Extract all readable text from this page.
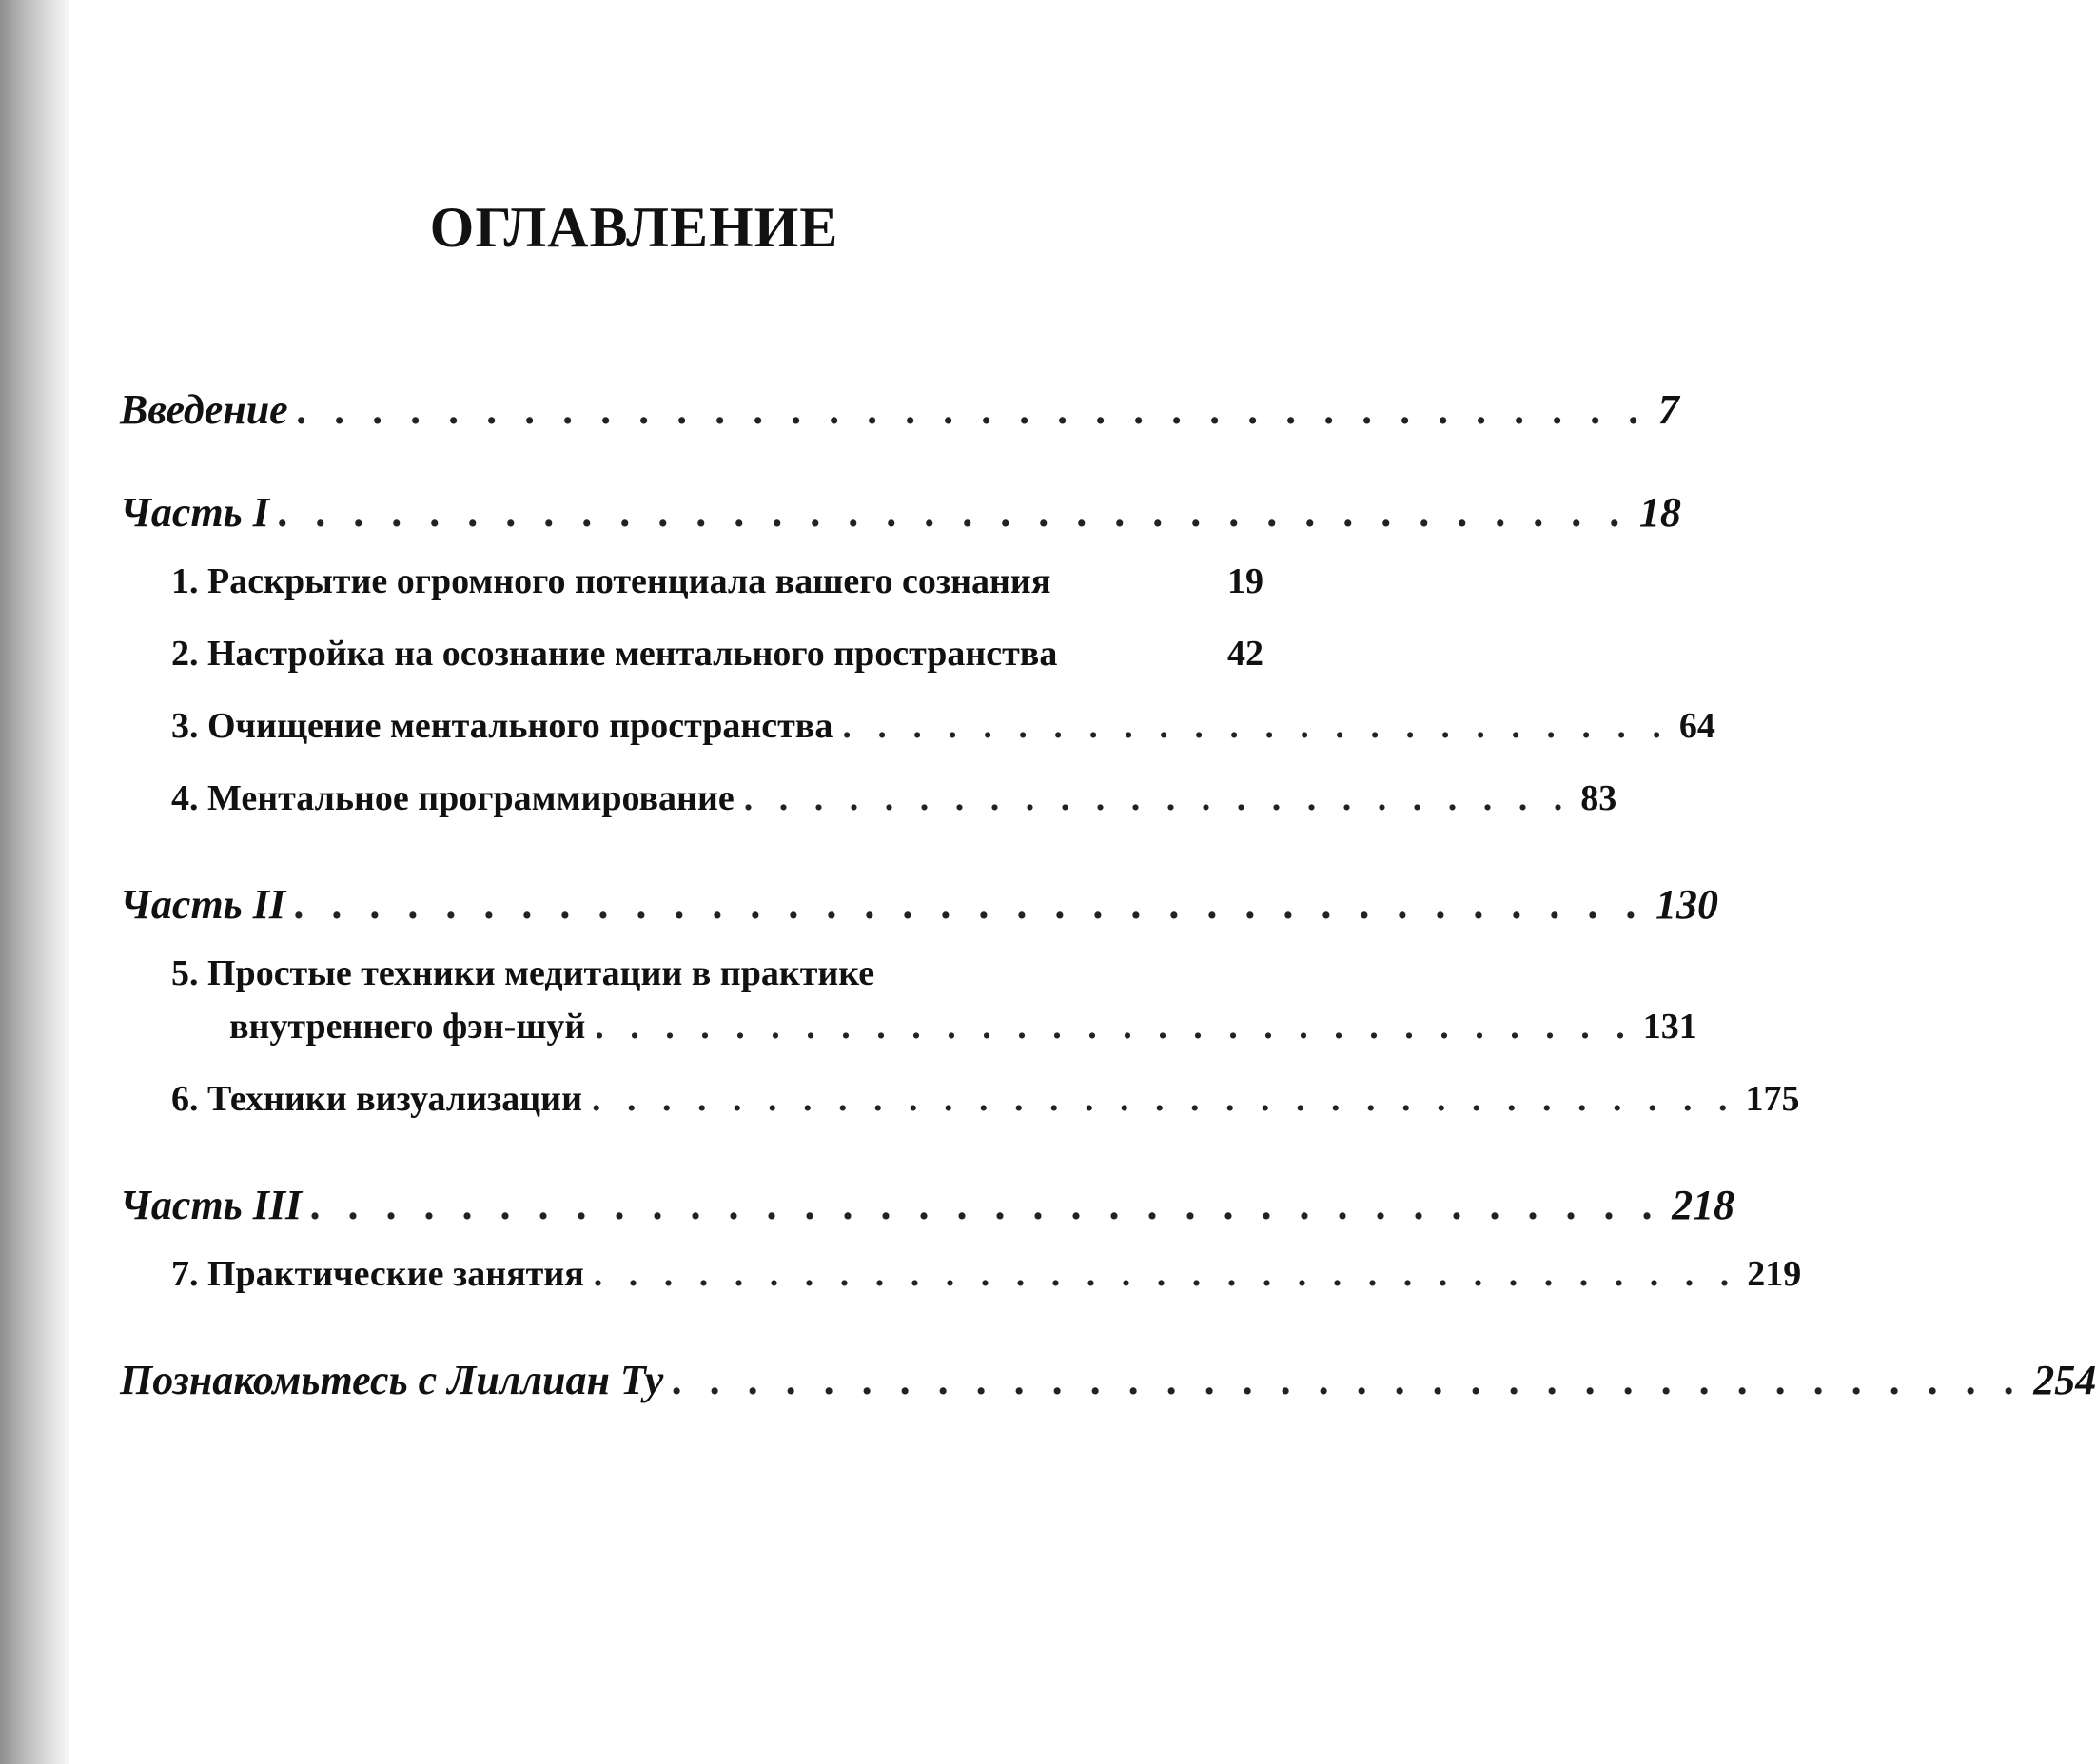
ОГЛАВЛЕНИЕ
Введение . . . . . . . . . . . . . . . . . . . . . . . . . . . . . . . . . . . . 7
Часть I . . . . . . . . . . . . . . . . . . . . . . . . . . . . . . . . . . . . 18
1. Раскрытие огромного потенциала вашего сознания	19
2. Настройка на осознание ментального пространства	42
3. Очищение ментального пространства . . . . . . . . . . . . . . . . . . . . . . . . 64
4. Ментальное программирование . . . . . . . . . . . . . . . . . . . . . . . . 83
Часть II . . . . . . . . . . . . . . . . . . . . . . . . . . . . . . . . . . . . 130
5. Простые техники медитации в практике
внутреннего фэн-шуй . . . . . . . . . . . . . . . . . . . . . . . . . . . . . . 131
6. Техники визуализации . . . . . . . . . . . . . . . . . . . . . . . . . . . . . . . . . 175
Часть III . . . . . . . . . . . . . . . . . . . . . . . . . . . . . . . . . . . . 218
7. Практические занятия . . . . . . . . . . . . . . . . . . . . . . . . . . . . . . . . . 219
Познакомьтесь с Лиллиан Ту . . . . . . . . . . . . . . . . . . . . . . . . . . . . . . . . . . . . 254
